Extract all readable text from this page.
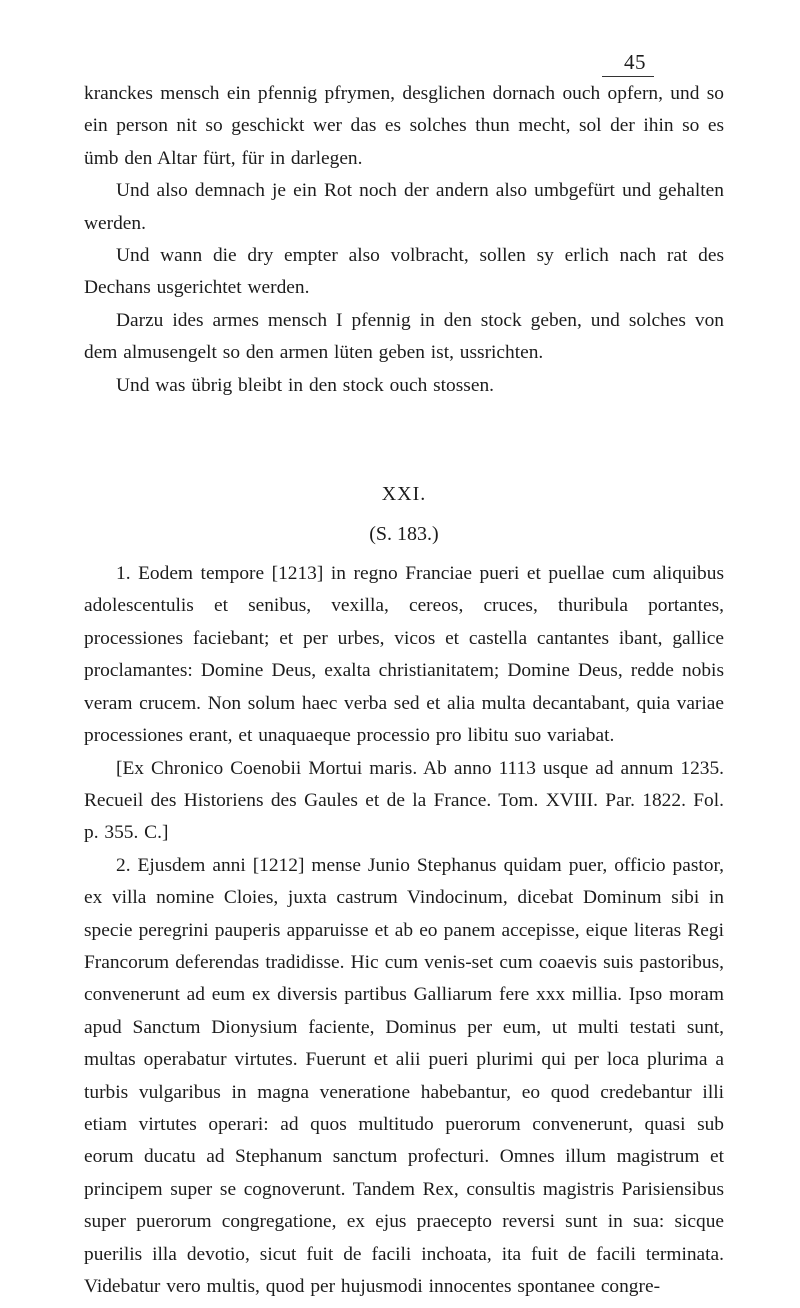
45

kranckes mensch ein pfennig pfrymen, desglichen dornach ouch opfern, und so ein person nit so geschickt wer das es solches thun mecht, sol der ihin so es ümb den Altar fürt, für in darlegen.

Und also demnach je ein Rot noch der andern also umbgefürt und gehalten werden.

Und wann die dry empter also volbracht, sollen sy erlich nach rat des Dechans usgerichtet werden.

Darzu ides armes mensch I pfennig in den stock geben, und solches von dem almusengelt so den armen lüten geben ist, ussrichten.

Und was übrig bleibt in den stock ouch stossen.

XXI.

(S. 183.)

1. Eodem tempore [1213] in regno Franciae pueri et puellae cum aliquibus adolescentulis et senibus, vexilla, cereos, cruces, thuribula portantes, processiones faciebant; et per urbes, vicos et castella cantantes ibant, gallice proclamantes: Domine Deus, exalta christianitatem; Domine Deus, redde nobis veram crucem. Non solum haec verba sed et alia multa decantabant, quia variae processiones erant, et unaquaeque processio pro libitu suo variabat.

[Ex Chronico Coenobii Mortui maris. Ab anno 1113 usque ad annum 1235. Recueil des Historiens des Gaules et de la France. Tom. XVIII. Par. 1822. Fol. p. 355. C.]

2. Ejusdem anni [1212] mense Junio Stephanus quidam puer, officio pastor, ex villa nomine Cloies, juxta castrum Vindocinum, dicebat Dominum sibi in specie peregrini pauperis apparuisse et ab eo panem accepisse, eique literas Regi Francorum deferendas tradidisse. Hic cum venis-set cum coaevis suis pastoribus, convenerunt ad eum ex diversis partibus Galliarum fere xxx millia. Ipso moram apud Sanctum Dionysium faciente, Dominus per eum, ut multi testati sunt, multas operabatur virtutes. Fuerunt et alii pueri plurimi qui per loca plurima a turbis vulgaribus in magna veneratione habebantur, eo quod credebantur illi etiam virtutes operari: ad quos multitudo puerorum convenerunt, quasi sub eorum ducatu ad Stephanum sanctum profecturi. Omnes illum magistrum et principem super se cognoverunt. Tandem Rex, consultis magistris Parisiensibus super puerorum congregatione, ex ejus praecepto reversi sunt in sua: sicque puerilis illa devotio, sicut fuit de facili inchoata, ita fuit de facili terminata. Videbatur vero multis, quod per hujusmodi innocentes spontanee congre-
